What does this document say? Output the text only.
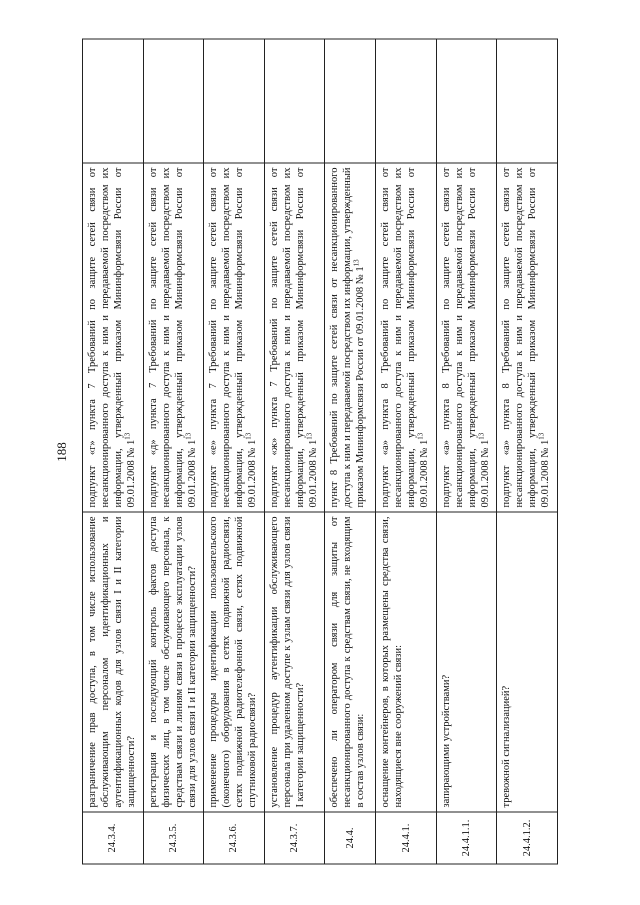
188
24.3.4.	разграничение прав доступа, в том числе использование обслуживающим персоналом идентификационных и аутентификационных кодов для узлов связи I и II категории защищенности?	подпункт «г» пункта 7 Требований по защите сетей связи от несанкционированного доступа к ним и передаваемой посредством их информации, утвержденный приказом Мининформсвязи России от 09.01.2008 № $1^{13}$	
24.3.5.	регистрация и последующий контроль фактов доступа физических лиц, в том числе обслуживающего персонала, к средствам связи и линиям связи в процессе эксплуатации узлов связи для узлов связи I и II категории защищенности?	подпункт «д» пункта 7 Требований по защите сетей связи от несанкционированного доступа к ним и передаваемой посредством их информации, утвержденный приказом Мининформсвязи России от 09.01.2008 № $1^{13}$	
24.3.6.	применение процедуры идентификации пользовательского (оконечного) оборудования в сетях подвижной радиосвязи, сетях подвижной радиотелефонной связи, сетях подвижной спутниковой радиосвязи?	подпункт «е» пункта 7 Требований по защите сетей связи от несанкционированного доступа к ним и передаваемой посредством их информации, утвержденный приказом Мининформсвязи России от 09.01.2008 № $1^{13}$	
24.3.7.	установление процедур аутентификации обслуживающего персонала при удаленном доступе к узлам связи для узлов связи I категории защищенности?	подпункт «ж» пункта 7 Требований по защите сетей связи от несанкционированного доступа к ним и передаваемой посредством их информации, утвержденный приказом Мининформсвязи России от 09.01.2008 № $1^{13}$	
24.4.	обеспечено ли оператором связи для защиты от несанкционированного доступа к средствам связи, не входящим в состав узлов связи:	пункт 8 Требований по защите сетей связи от несанкционированного доступа к ним и передаваемой посредством их информации, утвержденный приказом Мининформсвязи России от 09.01.2008 № $1^{13}$	
24.4.1.	оснащение контейнеров, в которых размещены средства связи, находящиеся вне сооружений связи:	подпункт «а» пункта 8 Требований по защите сетей связи от несанкционированного доступа к ним и передаваемой посредством их информации, утвержденный приказом Мининформсвязи России от 09.01.2008 № $1^{13}$	
24.4.1.1.	запирающими устройствами?	подпункт «а» пункта 8 Требований по защите сетей связи от несанкционированного доступа к ним и передаваемой посредством их информации, утвержденный приказом Мининформсвязи России от 09.01.2008 № $1^{13}$	
24.4.1.2.	тревожной сигнализацией?	подпункт «а» пункта 8 Требований по защите сетей связи от несанкционированного доступа к ним и передаваемой посредством их информации, утвержденный приказом Мининформсвязи России от 09.01.2008 № $1^{13}$	
